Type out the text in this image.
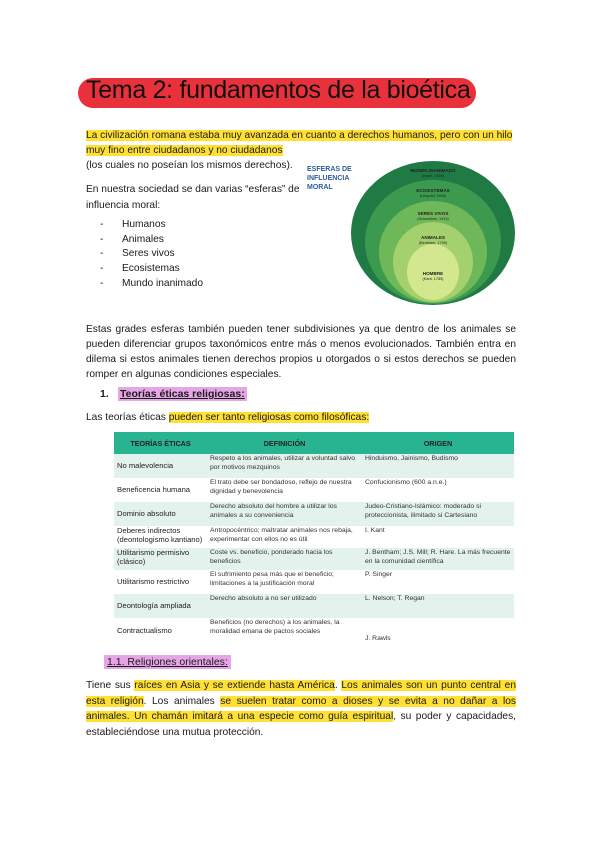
Tema 2: fundamentos de la bioética
La civilización romana estaba muy avanzada en cuanto a derechos humanos, pero con un hilo muy fino entre ciudadanos y no ciudadanos
(los cuales no poseían los mismos derechos).
En nuestra sociedad se dan varias “esferas” de influencia moral:
- Humanos
- Animales
- Seres vivos
- Ecosistemas
- Mundo inanimado
ESFERAS DE
INFLUENCIA
MORAL
MUNDO INANIMADO
(Nash, 1989)
ECOSISTEMAS
(Leopold, 1949)
SERES VIVOS
(Schweitzer, 1915)
ANIMALES
(Bentham, 1789)
HOMBRE
(Kant, 1785)
Estas grades esferas también pueden tener subdivisiones ya que dentro de los animales se pueden diferenciar grupos taxonómicos entre más o menos evolucionados. También entra en dilema si estos animales tienen derechos propios u otorgados o si estos derechos se pueden romper en algunas condiciones especiales.
1. Teorías éticas religiosas:
Las teorías éticas pueden ser tanto religiosas como filosóficas:
TEORÍAS ÉTICAS	DEFINICIÓN	ORIGEN
No malevolencia	Respeto a los animales, utilizar a voluntad salvo por motivos mezquinos	Hinduismo, Jainismo, Budismo
Beneficencia humana	El trato debe ser bondadoso, reflejo de nuestra dignidad y benevolencia	Confucionismo (600 a.n.e.)
Dominio absoluto	Derecho absoluto del hombre a utilizar los animales a su conveniencia	Judeo-Cristiano-Islámico: moderado si proteccionista, ilimitado si Cartesiano
Deberes indirectos (deontologismo kantiano)	Antropocéntrico; maltratar animales nos rebaja, experimentar con ellos no es útil	I. Kant
Utilitarismo permisivo (clásico)	Coste vs. beneficio, ponderado hacia los beneficios	J. Bentham; J.S. Mill; R. Hare. La más frecuente en la comunidad científica
Utilitarismo restrictivo	El sufrimiento pesa más que el beneficio; limitaciones a la justificación moral	P. Singer
Deontología ampliada	Derecho absoluto a no ser utilizado	L. Nelson; T. Regan
Contractualismo	Beneficios (no derechos) a los animales, la moralidad emana de pactos sociales	J. Rawls
1.1. Religiones orientales:
Tiene sus raíces en Asia y se extiende hasta América. Los animales son un punto central en esta religión. Los animales se suelen tratar como a dioses y se evita a no dañar a los animales. Un chamán imitará a una especie como guía espiritual, su poder y capacidades, estableciéndose una mutua protección.
